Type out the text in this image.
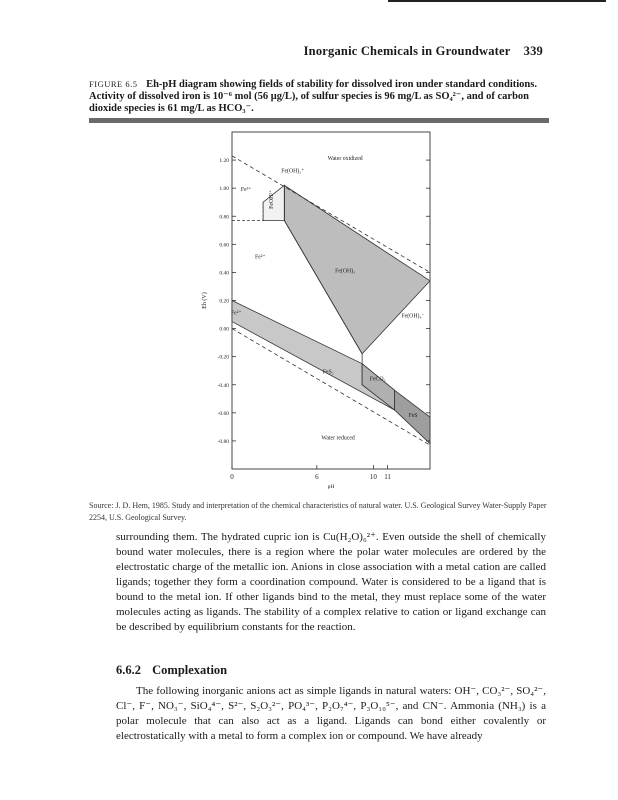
Inorganic Chemicals in Groundwater 339
FIGURE 6.5 Eh-pH diagram showing fields of stability for dissolved iron under standard conditions. Activity of dissolved iron is 10⁻⁶ mol (56 μg/L), of sulfur species is 96 mg/L as SO₄²⁻, and of carbon dioxide species is 61 mg/L as HCO₃⁻.
1.20
1.00
0.80
0.60
0.40
0.20
0.00
-0.20
-0.40
-0.60
-0.80
Eh (V)
0	6	10 11
pH
Water oxidized
Fe³⁺	FeOH²⁺
Fe(OH)₂⁺
Fe²⁺
Fe(OH)₃
Fe²⁺	Fe(OH)₄⁻
FeS₂
FeCO₃
FeS
Water reduced
Source: J. D. Hem, 1985. Study and interpretation of the chemical characteristics of natural water. U.S. Geological Survey Water-Supply Paper 2254, U.S. Geological Survey.

surrounding them. The hydrated cupric ion is Cu(H₂O)₆²⁺. Even outside the shell of chemically bound water molecules, there is a region where the polar water molecules are ordered by the electrostatic charge of the metallic ion. Anions in close association with a metal cation are called ligands; together they form a coordination compound. Water is considered to be a ligand that is bound to the metal ion. If other ligands bind to the metal, they must replace some of the water molecules acting as ligands. The stability of a complex relative to cation or ligand exchange can be described by equilibrium constants for the reaction.

6.6.2 Complexation
The following inorganic anions act as simple ligands in natural waters: OH⁻, CO₃²⁻, SO₄²⁻, Cl⁻, F⁻, NO₃⁻, SiO₄⁴⁻, S²⁻, S₂O₃²⁻, PO₄³⁻, P₂O₇⁴⁻, P₃O₁₀⁵⁻, and CN⁻. Ammonia (NH₃) is a polar molecule that can also act as a ligand. Ligands can bond either covalently or electrostatically with a metal to form a complex ion or compound. We have already
